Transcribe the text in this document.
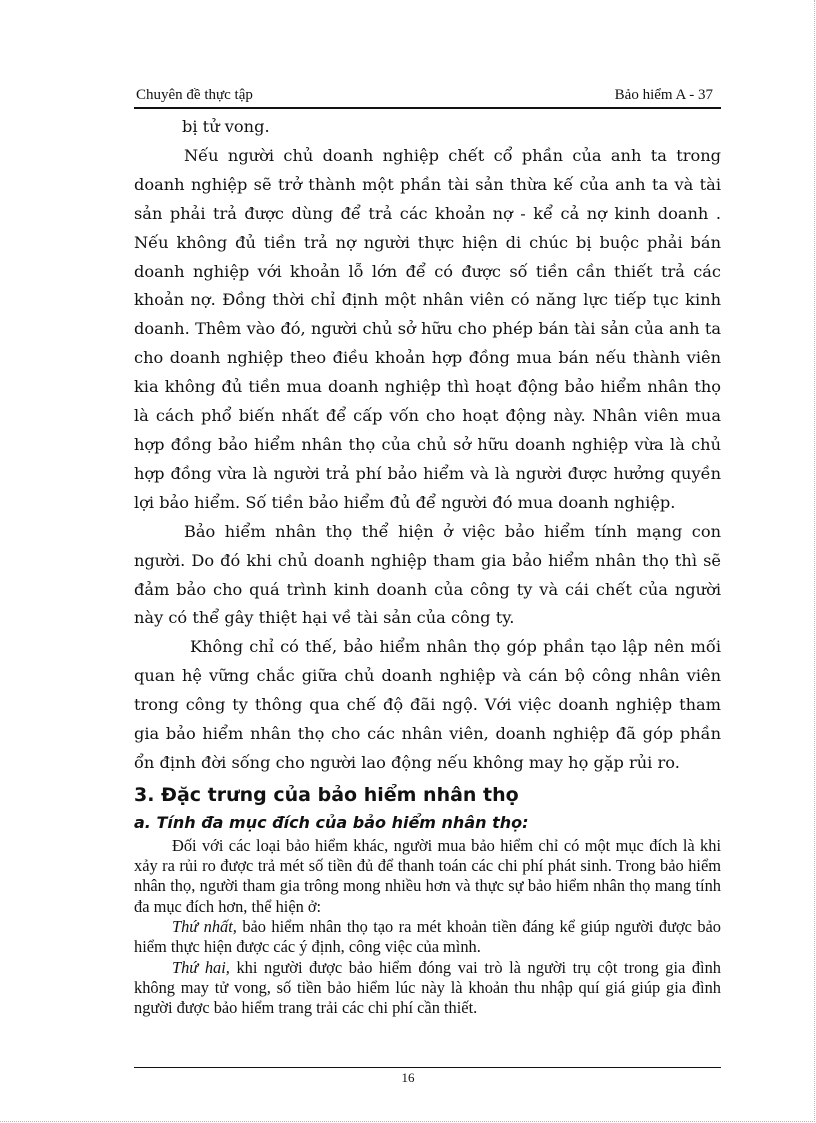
Chuyên đề thực tập	Bảo hiểm A - 37

bị tử vong.

Nếu người chủ doanh nghiệp chết cổ phần của anh ta trong doanh nghiệp sẽ trở thành một phần tài sản thừa kế của anh ta và tài sản phải trả được dùng để trả các khoản nợ - kể cả nợ kinh doanh . Nếu không đủ tiền trả nợ người thực hiện di chúc bị buộc phải bán doanh nghiệp với khoản lỗ lớn để có được số tiền cần thiết trả các khoản nợ. Đồng thời chỉ định một nhân viên có năng lực tiếp tục kinh doanh. Thêm vào đó, người chủ sở hữu cho phép bán tài sản của anh ta cho doanh nghiệp theo điều khoản hợp đồng mua bán nếu thành viên kia không đủ tiền mua doanh nghiệp thì hoạt động bảo hiểm nhân thọ là cách phổ biến nhất để cấp vốn cho hoạt động này. Nhân viên mua hợp đồng bảo hiểm nhân thọ của chủ sở hữu doanh nghiệp vừa là chủ hợp đồng vừa là người trả phí bảo hiểm và là người được hưởng quyền lợi bảo hiểm. Số tiền bảo hiểm đủ để người đó mua doanh nghiệp.

Bảo hiểm nhân thọ thể hiện ở việc bảo hiểm tính mạng con người. Do đó khi chủ doanh nghiệp tham gia bảo hiểm nhân thọ thì sẽ đảm bảo cho quá trình kinh doanh của công ty và cái chết của người này có thể gây thiệt hại về tài sản của công ty.

Không chỉ có thế, bảo hiểm nhân thọ góp phần tạo lập nên mối quan hệ vững chắc giữa chủ doanh nghiệp và cán bộ công nhân viên trong công ty thông qua chế độ đãi ngộ. Với việc doanh nghiệp tham gia bảo hiểm nhân thọ cho các nhân viên, doanh nghiệp đã góp phần ổn định đời sống cho người lao động nếu không may họ gặp rủi ro.

3. Đặc trưng của bảo hiểm nhân thọ
a. Tính đa mục đích của bảo hiểm nhân thọ:

Đối với các loại bảo hiểm khác, người mua bảo hiểm chỉ có một mục đích là khi xảy ra rủi ro được trả mét số tiền đủ để thanh toán các chi phí phát sinh. Trong bảo hiểm nhân thọ, người tham gia trông mong nhiều hơn và thực sự bảo hiểm nhân thọ mang tính đa mục đích hơn, thể hiện ở:

Thứ nhất, bảo hiểm nhân thọ tạo ra mét khoản tiền đáng kể giúp người được bảo hiểm thực hiện được các ý định, công việc của mình.

Thứ hai, khi người được bảo hiểm đóng vai trò là người trụ cột trong gia đình không may tử vong, số tiền bảo hiểm lúc này là khoản thu nhập quí giá giúp gia đình người được bảo hiểm trang trải các chi phí cần thiết.

16
